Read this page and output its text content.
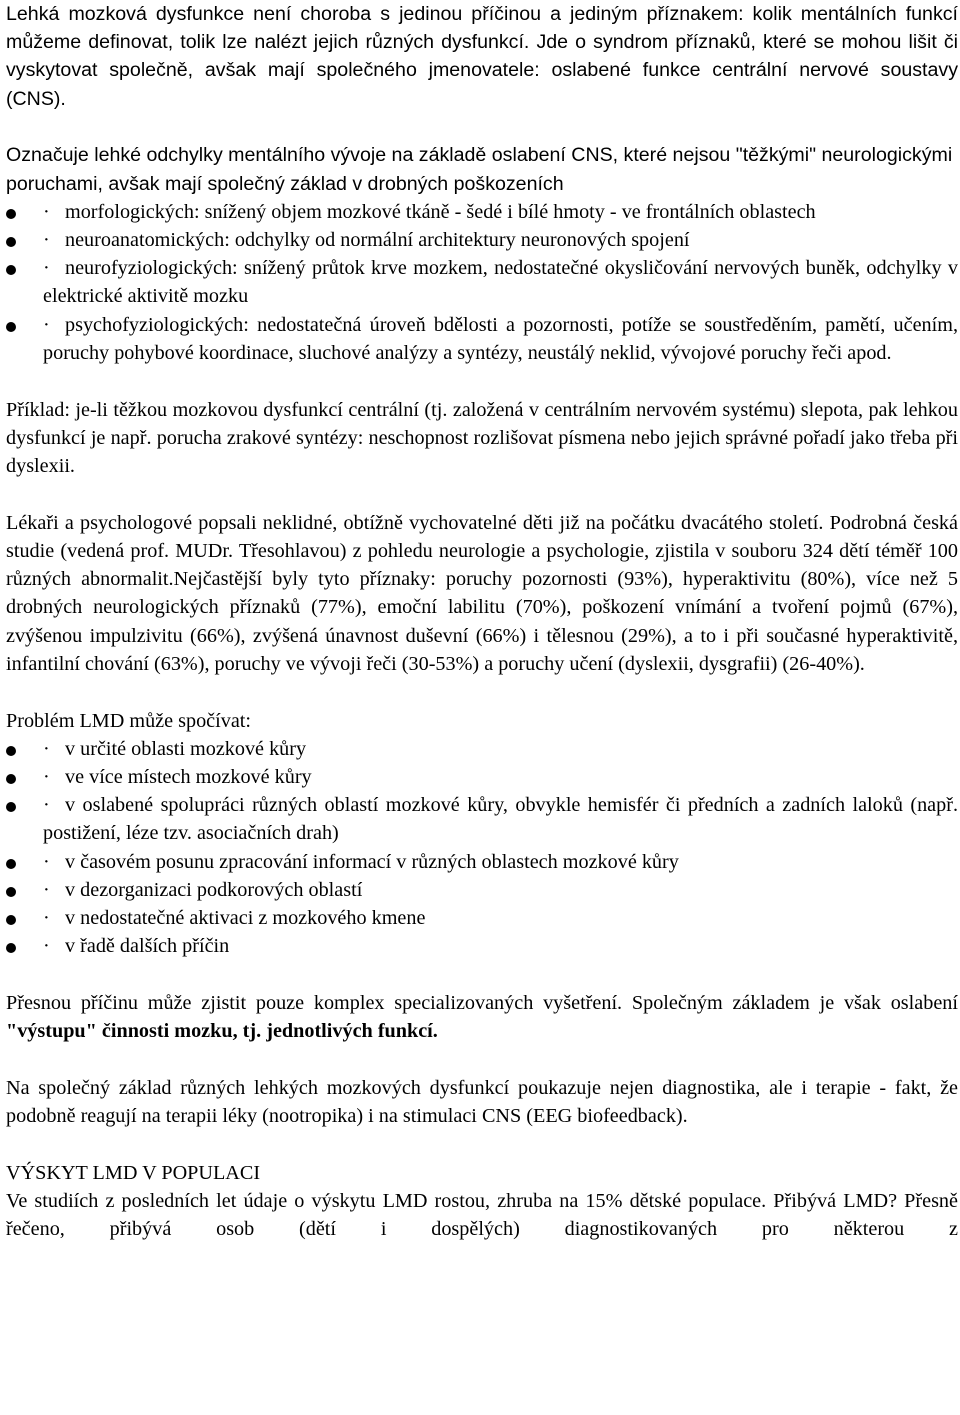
Lehká mozková dysfunkce není choroba s jedinou příčinou a jediným příznakem: kolik mentálních funkcí můžeme definovat, tolik lze nalézt jejich různých dysfunkcí. Jde o syndrom příznaků, které se mohou lišit či vyskytovat společně, avšak mají společného jmenovatele: oslabené funkce centrální nervové soustavy (CNS).

Označuje lehké odchylky mentálního vývoje na základě oslabení CNS, které nejsou "těžkými" neurologickými poruchami, avšak mají společný základ v drobných poškozeních

· morfologických: snížený objem mozkové tkáně - šedé i bílé hmoty - ve frontálních oblastech
· neuroanatomických: odchylky od normální architektury neuronových spojení
· neurofyziologických: snížený průtok krve mozkem, nedostatečné okysličování nervových buněk, odchylky v elektrické aktivitě mozku
· psychofyziologických: nedostatečná úroveň bdělosti a pozornosti, potíže se soustředěním, pamětí, učením, poruchy pohybové koordinace, sluchové analýzy a syntézy, neustálý neklid, vývojové poruchy řeči apod.

Příklad: je-li těžkou mozkovou dysfunkcí centrální (tj. založená v centrálním nervovém systému) slepota, pak lehkou dysfunkcí je např. porucha zrakové syntézy: neschopnost rozlišovat písmena nebo jejich správné pořadí jako třeba při dyslexii.

Lékaři a psychologové popsali neklidné, obtížně vychovatelné děti již na počátku dvacátého století. Podrobná česká studie (vedená prof. MUDr. Třesohlavou) z pohledu neurologie a psychologie, zjistila v souboru 324 dětí téměř 100 různých abnormalit.Nejčastější byly tyto příznaky: poruchy pozornosti (93%), hyperaktivitu (80%), více než 5 drobných neurologických příznaků (77%), emoční labilitu (70%), poškození vnímání a tvoření pojmů (67%), zvýšenou impulzivitu (66%), zvýšená únavnost duševní (66%) i tělesnou (29%), a to i při současné hyperaktivitě, infantilní chování (63%), poruchy ve vývoji řeči (30-53%) a poruchy učení (dyslexii, dysgrafii) (26-40%).

Problém LMD může spočívat:

· v určité oblasti mozkové kůry
· ve více místech mozkové kůry
· v oslabené spolupráci různých oblastí mozkové kůry, obvykle hemisfér či předních a zadních laloků (např. postižení, léze tzv. asociačních drah)
· v časovém posunu zpracování informací v různých oblastech mozkové kůry
· v dezorganizaci podkorových oblastí
· v nedostatečné aktivaci z mozkového kmene
· v řadě dalších příčin

Přesnou příčinu může zjistit pouze komplex specializovaných vyšetření. Společným základem je však oslabení "výstupu" činnosti mozku, tj. jednotlivých funkcí.

Na společný základ různých lehkých mozkových dysfunkcí poukazuje nejen diagnostika, ale i terapie - fakt, že podobně reagují na terapii léky (nootropika) i na stimulaci CNS (EEG biofeedback).

VÝSKYT LMD V POPULACI

Ve studiích z posledních let údaje o výskytu LMD rostou, zhruba na 15% dětské populace. Přibývá LMD? Přesně řečeno, přibývá osob (dětí i dospělých) diagnostikovaných pro některou z
